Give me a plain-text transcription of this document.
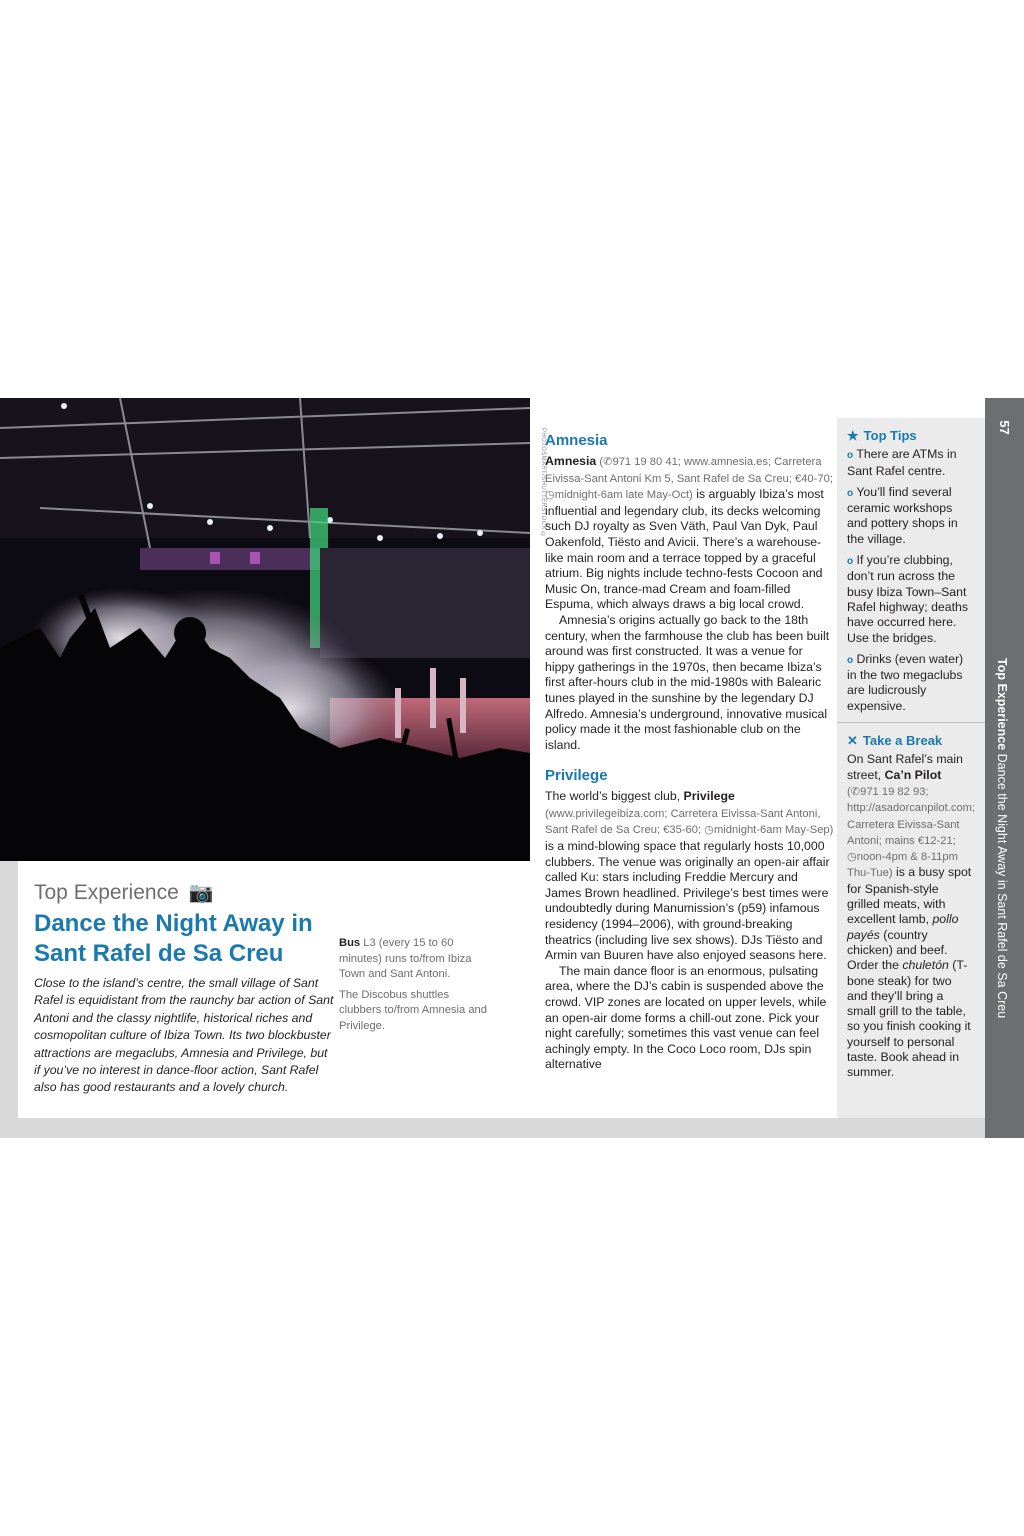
PHOTOSMART/SHUTTERSTOCK ©
Top Experience 📷
Dance the Night Away in Sant Rafel de Sa Creu

Close to the island’s centre, the small village of Sant Rafel is equidistant from the raunchy bar action of Sant Antoni and the classy nightlife, historical riches and cosmopolitan culture of Ibiza Town. Its two blockbuster attractions are megaclubs, Amnesia and Privilege, but if you’ve no interest in dance-floor action, Sant Rafel also has good restaurants and a lovely church.

Bus L3 (every 15 to 60 minutes) runs to/from Ibiza Town and Sant Antoni.

The Discobus shuttles clubbers to/from Amnesia and Privilege.

Amnesia

Amnesia (✆971 19 80 41; www.amnesia.es; Carretera Eivissa-Sant Antoni Km 5, Sant Rafel de Sa Creu; €40-70; ◷midnight-6am late May-Oct) is arguably Ibiza’s most influential and legendary club, its decks welcoming such DJ royalty as Sven Väth, Paul Van Dyk, Paul Oakenfold, Tiësto and Avicii. There’s a warehouse-like main room and a terrace topped by a graceful atrium. Big nights include techno-fests Cocoon and Music On, trance-mad Cream and foam-filled Espuma, which always draws a big local crowd.

Amnesia’s origins actually go back to the 18th century, when the farmhouse the club has been built around was first constructed. It was a venue for hippy gatherings in the 1970s, then became Ibiza’s first after-hours club in the mid-1980s with Balearic tunes played in the sunshine by the legendary DJ Alfredo. Amnesia’s underground, innovative musical policy made it the most fashionable club on the island.

Privilege

The world’s biggest club, Privilege (www.privilegeibiza.com; Carretera Eivissa-Sant Antoni, Sant Rafel de Sa Creu; €35-60; ◷midnight-6am May-Sep) is a mind-blowing space that regularly hosts 10,000 clubbers. The venue was originally an open-air affair called Ku: stars including Freddie Mercury and James Brown headlined. Privilege’s best times were undoubtedly during Manumission’s (p59) infamous residency (1994–2006), with ground-breaking theatrics (including live sex shows). DJs Tiësto and Armin van Buuren have also enjoyed seasons here.

The main dance floor is an enormous, pulsating area, where the DJ’s cabin is suspended above the crowd. VIP zones are located on upper levels, while an open-air dome forms a chill-out zone. Pick your night carefully; sometimes this vast venue can feel achingly empty. In the Coco Loco room, DJs spin alternative

★ Top Tips

o There are ATMs in Sant Rafel centre.

o You’ll find several ceramic workshops and pottery shops in the village.

o If you’re clubbing, don’t run across the busy Ibiza Town–Sant Rafel highway; deaths have occurred here. Use the bridges.

o Drinks (even water) in the two megaclubs are ludicrously expensive.

✕ Take a Break

On Sant Rafel’s main street, Ca’n Pilot (✆971 19 82 93; http://asadorcanpilot.com; Carretera Eivissa-Sant Antoni; mains €12-21; ◷noon-4pm & 8-11pm Thu-Tue) is a busy spot for Spanish-style grilled meats, with excellent lamb, pollo payés (country chicken) and beef. Order the chuletón (T-bone steak) for two and they’ll bring a small grill to the table, so you finish cooking it yourself to personal taste. Book ahead in summer.

57
Top Experience Dance the Night Away in Sant Rafel de Sa Creu
